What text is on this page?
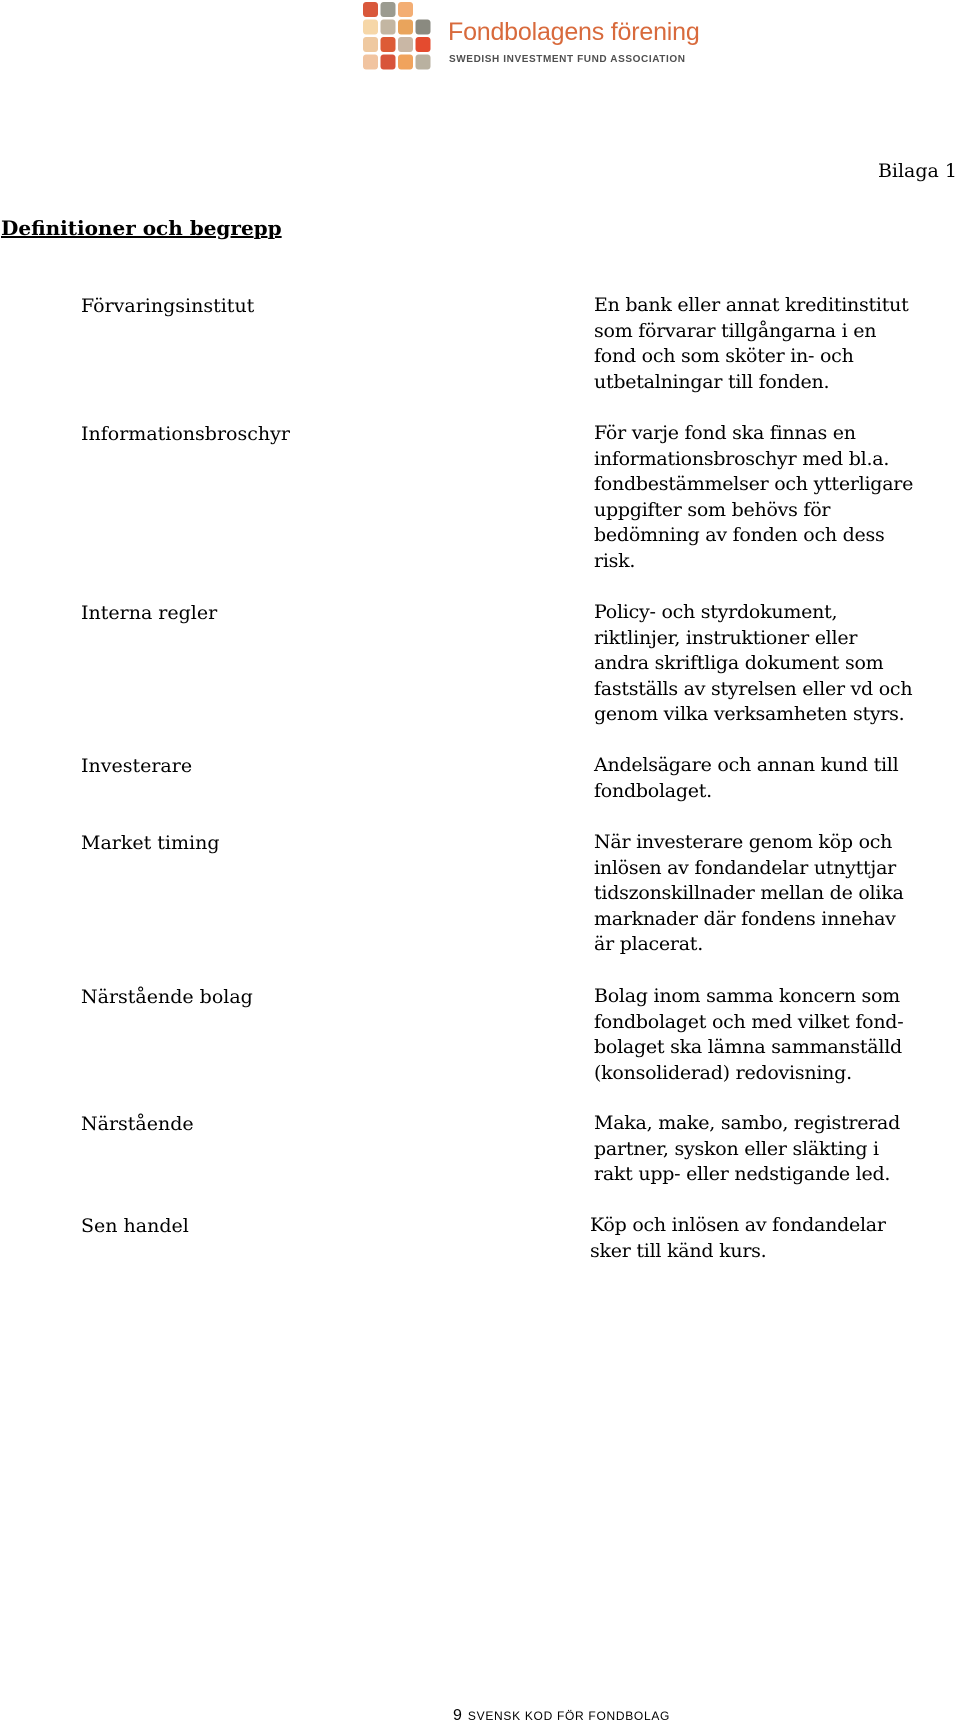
Fondbolagens förening
SWEDISH INVESTMENT FUND ASSOCIATION
Bilaga 1
Definitioner och begrepp
Förvaringsinstitut	En bank eller annat kreditinstitut
som förvarar tillgångarna i en
fond och som sköter in- och
utbetalningar till fonden.
Informationsbroschyr	För varje fond ska finnas en
informationsbroschyr med bl.a.
fondbestämmelser och ytterligare
uppgifter som behövs för
bedömning av fonden och dess
risk.
Interna regler	Policy- och styrdokument,
riktlinjer, instruktioner eller
andra skriftliga dokument som
fastställs av styrelsen eller vd och
genom vilka verksamheten styrs.
Investerare	Andelsägare och annan kund till
fondbolaget.
Market timing	När investerare genom köp och
inlösen av fondandelar utnyttjar
tidszonskillnader mellan de olika
marknader där fondens innehav
är placerat.
Närstående bolag	Bolag inom samma koncern som
fondbolaget och med vilket fond-
bolaget ska lämna sammanställd
(konsoliderad) redovisning.
Närstående	Maka, make, sambo, registrerad
partner, syskon eller släkting i
rakt upp- eller nedstigande led.
Sen handel	Köp och inlösen av fondandelar
sker till känd kurs.
9 SVENSK KOD FÖR FONDBOLAG
